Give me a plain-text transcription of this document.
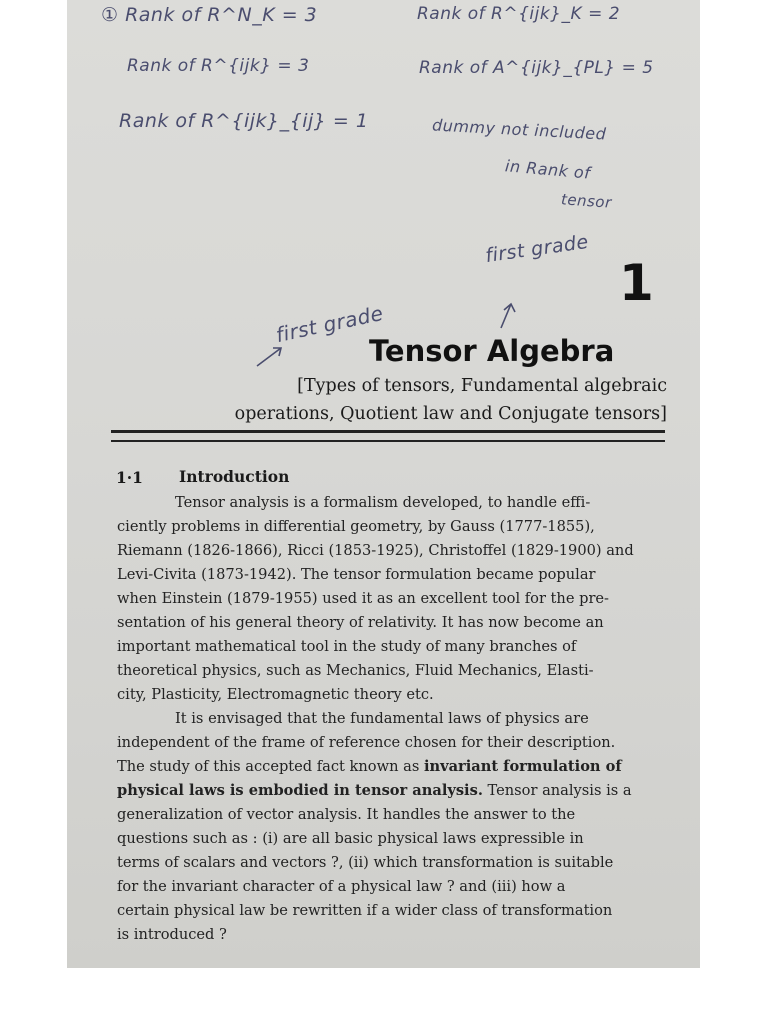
① Rank of R^N_K = 3	Rank of R^{ijk}_K = 2
Rank of R^{ijk} = 3	Rank of A^{ijk}_{PL} = 5
Rank of R^{ijk}_{ij} = 1	dummy not included
in Rank of
tensor
first grade
first grade
1
Tensor Algebra
[Types of tensors, Fundamental algebraic
operations, Quotient law and Conjugate tensors]
1·1 Introduction
Tensor analysis is a formalism developed, to handle effi-
ciently problems in differential geometry, by Gauss (1777-1855),
Riemann (1826-1866), Ricci (1853-1925), Christoffel (1829-1900) and
Levi-Civita (1873-1942). The tensor formulation became popular
when Einstein (1879-1955) used it as an excellent tool for the pre-
sentation of his general theory of relativity. It has now become an
important mathematical tool in the study of many branches of
theoretical physics, such as Mechanics, Fluid Mechanics, Elasti-
city, Plasticity, Electromagnetic theory etc.
It is envisaged that the fundamental laws of physics are
independent of the frame of reference chosen for their description.
The study of this accepted fact known as invariant formulation of
physical laws is embodied in tensor analysis. Tensor analysis is a
generalization of vector analysis. It handles the answer to the
questions such as : (i) are all basic physical laws expressible in
terms of scalars and vectors ?, (ii) which transformation is suitable
for the invariant character of a physical law ? and (iii) how a
certain physical law be rewritten if a wider class of transformation
is introduced ?
